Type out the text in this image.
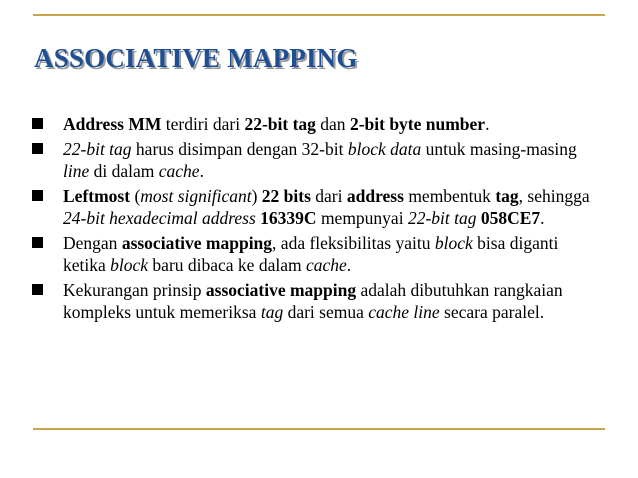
ASSOCIATIVE MAPPING
Address MM terdiri dari 22-bit tag dan 2-bit byte number.
22-bit tag harus disimpan dengan 32-bit block data untuk masing-masing line di dalam cache.
Leftmost (most significant) 22 bits dari address membentuk tag, sehingga 24-bit hexadecimal address 16339C mempunyai 22-bit tag 058CE7.
Dengan associative mapping, ada fleksibilitas yaitu block bisa diganti ketika block baru dibaca ke dalam cache.
Kekurangan prinsip associative mapping adalah dibutuhkan rangkaian kompleks untuk memeriksa tag dari semua cache line secara paralel.
